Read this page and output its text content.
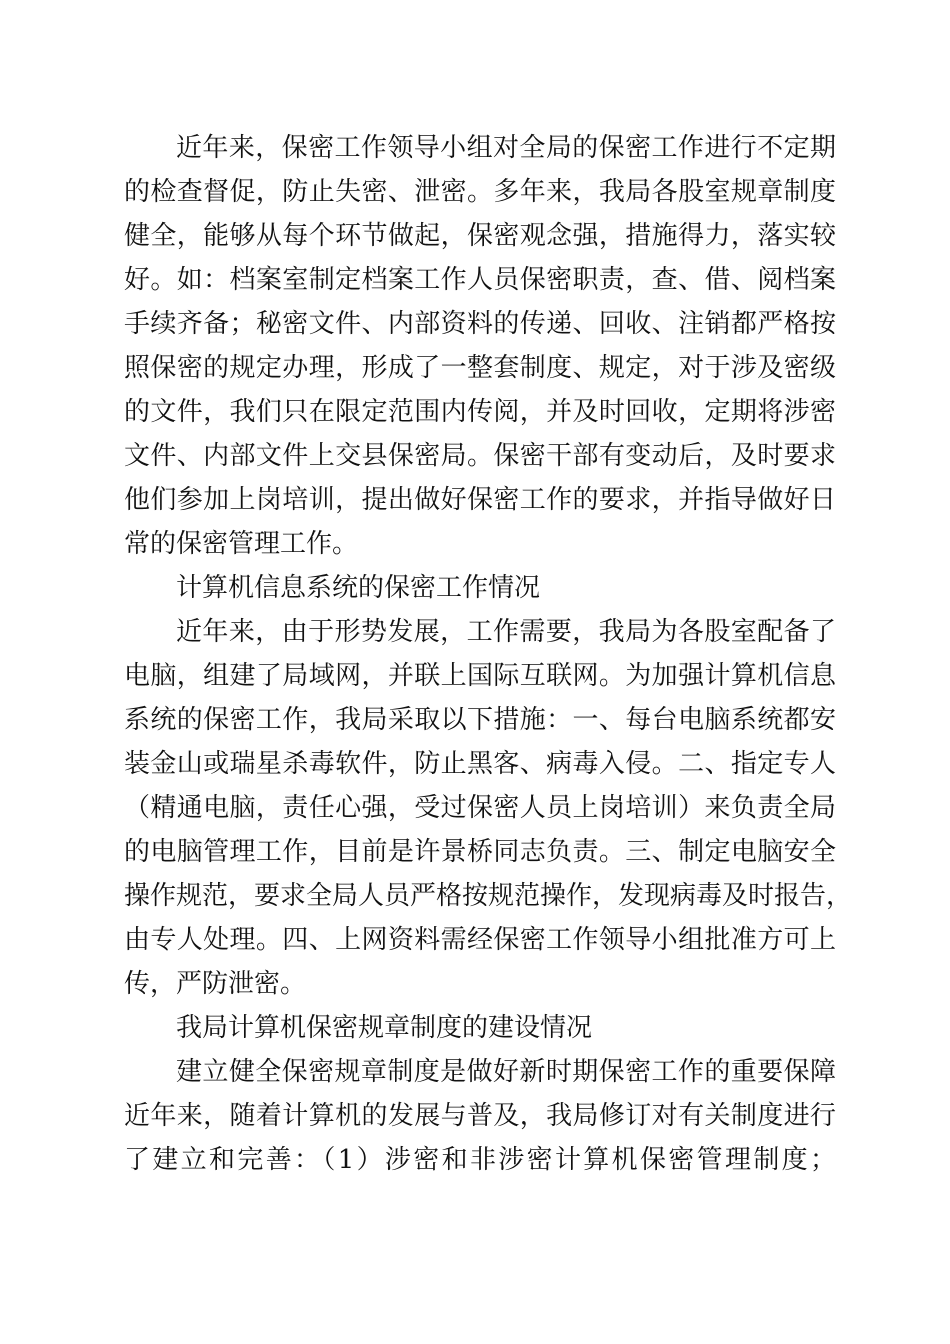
近年来，保密工作领导小组对全局的保密工作进行不定期
的检查督促，防止失密、泄密。多年来，我局各股室规章制度
健全，能够从每个环节做起，保密观念强，措施得力，落实较
好。如：档案室制定档案工作人员保密职责，查、借、阅档案
手续齐备；秘密文件、内部资料的传递、回收、注销都严格按
照保密的规定办理，形成了一整套制度、规定，对于涉及密级
的文件，我们只在限定范围内传阅，并及时回收，定期将涉密
文件、内部文件上交县保密局。保密干部有变动后，及时要求
他们参加上岗培训，提出做好保密工作的要求，并指导做好日
常的保密管理工作。
计算机信息系统的保密工作情况
近年来，由于形势发展，工作需要，我局为各股室配备了
电脑，组建了局域网，并联上国际互联网。为加强计算机信息
系统的保密工作，我局采取以下措施：一、每台电脑系统都安
装金山或瑞星杀毒软件，防止黑客、病毒入侵。二、指定专人
（精通电脑，责任心强，受过保密人员上岗培训）来负责全局
的电脑管理工作，目前是许景桥同志负责。三、制定电脑安全
操作规范，要求全局人员严格按规范操作，发现病毒及时报告，
由专人处理。四、上网资料需经保密工作领导小组批准方可上
传，严防泄密。
我局计算机保密规章制度的建设情况
建立健全保密规章制度是做好新时期保密工作的重要保障
近年来，随着计算机的发展与普及，我局修订对有关制度进行
了建立和完善：（1）涉密和非涉密计算机保密管理制度；
